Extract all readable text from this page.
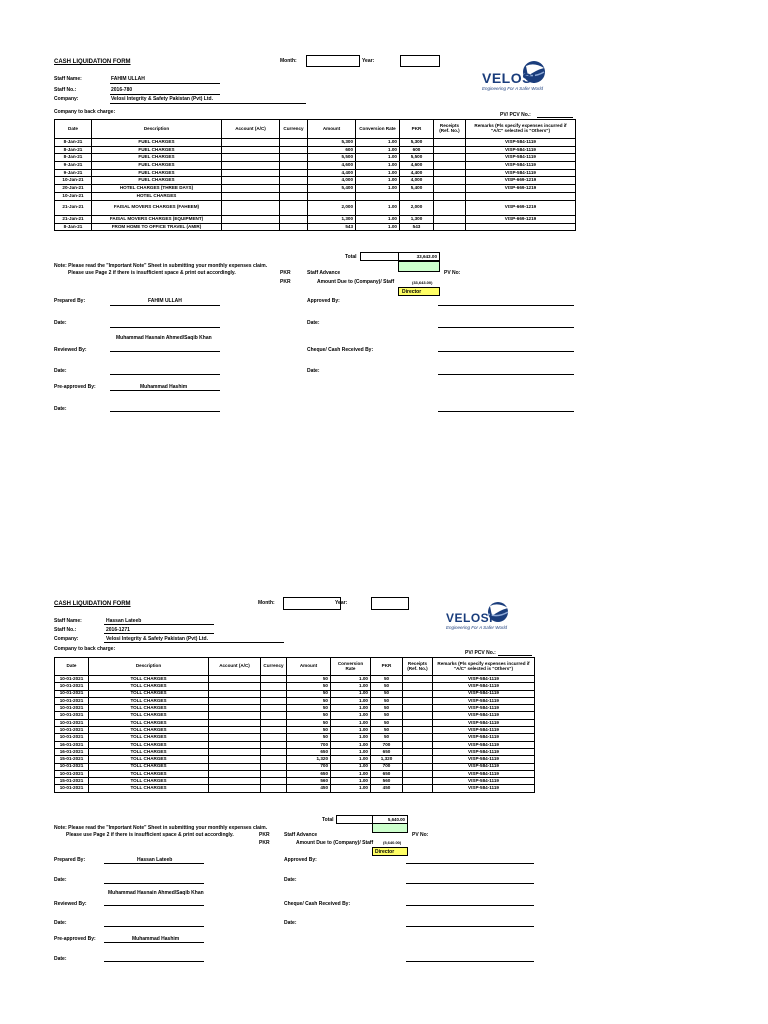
CASH LIQUIDATION FORM	Month:	Year:
VELOSI
Engineering For A Safer World
Staff Name:	FAHIM ULLAH
Staff No.:	2016-780
Company:	Velosi Integrity & Safety Pakistan (Pvt) Ltd.
Company to back charge:	PV/ PCV No.:
Date	Description	Account (A/C)	Currency	Amount	Conversion Rate	PKR	Receipts (Ref. No.)	Remarks (Pls specify expenses incurred if "A/C" selected is "Others")
8-Jan-21	FUEL CHARGES			5,300	1.00	5,300		VISP-584-1119
8-Jan-21	FUEL CHARGES			600	1.00	600		VISP-584-1119
8-Jan-21	FUEL CHARGES			5,500	1.00	5,500		VISP-584-1119
9-Jan-21	FUEL CHARGES			4,600	1.00	4,600		VISP-584-1119
9-Jan-21	FUEL CHARGES			4,400	1.00	4,400		VISP-584-1119
10-Jan-21	FUEL CHARGES			4,000	1.00	4,000		VISP-669-1219
20-Jan-21	HOTEL CHARGES (THREE DAYS)			5,400	1.00	5,400		VISP-669-1219
10-Jan-21	HOTEL CHARGES							
21-Jan-21	FAISAL MOVERS CHARGES (FAHEEM)			2,000	1.00	2,000		VISP-669-1219
21-Jan-21	FAISAL MOVERS CHARGES (EQUIPMENT)			1,300	1.00	1,300		VISP-669-1219
8-Jan-21	FROM HOME TO OFFICE TRAVEL (AMIR)			543	1.00	543		
Total	33,643.00
Note: Please read the "Important Note" Sheet in submitting your monthly expenses claim.
Please use Page 2 if there is insufficient space & print out accordingly.	PKR	Staff Advance	PV No:
PKR	Amount Due to (Company)/ Staff	(33,643.00)
Director
Prepared By:	FAHIM ULLAH	Approved By:
Date:	Date:
Muhammad Hasnain Ahmed/Saqib Khan
Reviewed By:	Cheque/ Cash Received By:
Date:	Date:
Pre-approved By:	Muhammad Hashim
Date:
CASH LIQUIDATION FORM	Month:	Year:
VELOSI
Engineering For A Safer World
Staff Name:	Hassan Lateeb
Staff No.:	2016-1271
Company:	Velosi Integrity & Safety Pakistan (Pvt) Ltd.
Company to back charge:
PV/ PCV No.:
Date	Description	Account (A/C)	Currency	Amount	Conversion Rate	PKR	Receipts (Ref. No.)	Remarks (Pls specify expenses incurred if "A/C" selected is "Others")
10-01-2021	TOLL CHARGES			50	1.00	50		VISP-584-1119
10-01-2021	TOLL CHARGES			50	1.00	50		VISP-584-1119
10-01-2021	TOLL CHARGES			50	1.00	50		VISP-584-1119
10-01-2021	TOLL CHARGES			50	1.00	50		VISP-584-1119
10-01-2021	TOLL CHARGES			50	1.00	50		VISP-584-1119
10-01-2021	TOLL CHARGES			50	1.00	50		VISP-584-1119
10-01-2021	TOLL CHARGES			50	1.00	50		VISP-584-1119
10-01-2021	TOLL CHARGES			50	1.00	50		VISP-584-1119
10-01-2021	TOLL CHARGES			50	1.00	50		VISP-584-1119
16-01-2021	TOLL CHARGES			700	1.00	700		VISP-584-1119
16-01-2021	TOLL CHARGES			650	1.00	650		VISP-584-1119
15-01-2021	TOLL CHARGES			1,320	1.00	1,320		VISP-584-1119
10-01-2021	TOLL CHARGES			700	1.00	700		VISP-584-1119
10-01-2021	TOLL CHARGES			650	1.00	650		VISP-584-1119
15-01-2021	TOLL CHARGES			560	1.00	560		VISP-584-1119
10-01-2021	TOLL CHARGES			450	1.00	450		VISP-584-1119
Total	5,640.00
Note: Please read the "Important Note" Sheet in submitting your monthly expenses claim.
Please use Page 2 if there is insufficient space & print out accordingly.	PKR	Staff Advance	PV No:
PKR	Amount Due to (Company)/ Staff (5,640.00)
Director
Prepared By:	Hassan Lateeb	Approved By:
Date:	Date:
Muhammad Hasnain Ahmed/Saqib Khan
Reviewed By:	Cheque/ Cash Received By:
Date:	Date:
Pre-approved By:	Muhammad Hashim
Date:
